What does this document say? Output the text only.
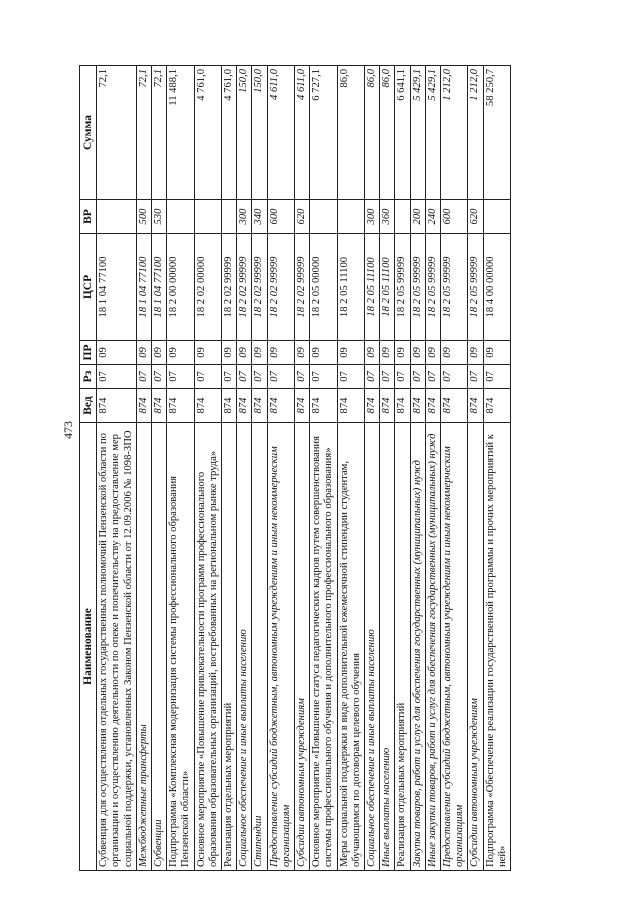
473
Наименование	Вед	Рз	ПР	ЦСР	ВР	Сумма
Субвенция для осуществления отдельных государственных полномочий Пензенской области по организации и осуществлению деятельности по опеке и попечительству на предоставление мер социальной поддержки, установленных Законом Пензенской области от 12.09.2006 № 1098-ЗПО	874	07	09	18 1 04 77100		72,1
Межбюджетные трансферты	874	07	09	18 1 04 77100	500	72,1
Субвенции	874	07	09	18 1 04 77100	530	72,1
Подпрограмма «Комплексная модернизация системы профессионального образования Пензенской области»	874	07	09	18 2 00 00000		11 488,1
Основное мероприятие «Повышение привлекательности программ профессионального образования образовательных организаций, востребованных на региональном рынке труда»	874	07	09	18 2 02 00000		4 761,0
Реализация отдельных мероприятий	874	07	09	18 2 02 99999		4 761,0
Социальное обеспечение и иные выплаты населению	874	07	09	18 2 02 99999	300	150,0
Стипендии	874	07	09	18 2 02 99999	340	150,0
Предоставление субсидий бюджетным, автономным учреждениям и иным некоммерческим организациям	874	07	09	18 2 02 99999	600	4 611,0
Субсидии автономным учреждениям	874	07	09	18 2 02 99999	620	4 611,0
Основное мероприятие «Повышение статуса педагогических кадров путем совершенствования системы профессионального обучения и дополнительного профессионального образования»	874	07	09	18 2 05 00000		6 727,1
Меры социальной поддержки в виде дополнительной ежемесячной стипендии студентам, обучающимся по договорам целевого обучения	874	07	09	18 2 05 11100		86,0
Социальное обеспечение и иные выплаты населению	874	07	09	18 2 05 11100	300	86,0
Иные выплаты населению	874	07	09	18 2 05 11100	360	86,0
Реализация отдельных мероприятий	874	07	09	18 2 05 99999		6 641,1
Закупка товаров, работ и услуг для обеспечения государственных (муниципальных) нужд	874	07	09	18 2 05 99999	200	5 429,1
Иные закупки товаров, работ и услуг для обеспечения государственных (муниципальных) нужд	874	07	09	18 2 05 99999	240	5 429,1
Предоставление субсидий бюджетным, автономным учреждениям и иным некоммерческим организациям	874	07	09	18 2 05 99999	600	1 212,0
Субсидии автономным учреждениям	874	07	09	18 2 05 99999	620	1 212,0
Подпрограмма «Обеспечение реализации государственной программы и прочих мероприятий к ней»	874	07	09	18 4 00 00000		58 250,7
